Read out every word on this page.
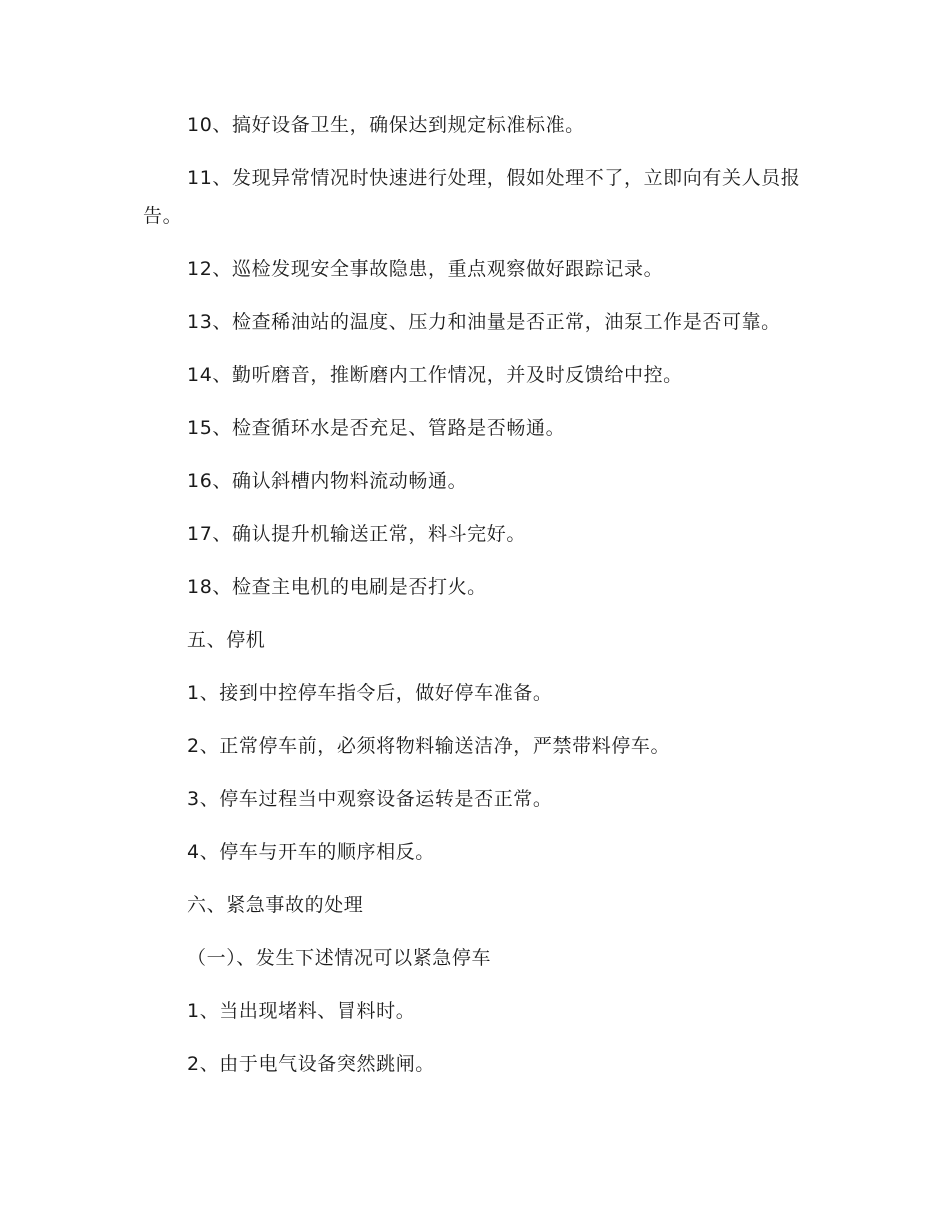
10、搞好设备卫生，确保达到规定标准标准。

11、发现异常情况时快速进行处理，假如处理不了，立即向有关人员报告。

12、巡检发现安全事故隐患，重点观察做好跟踪记录。

13、检查稀油站的温度、压力和油量是否正常，油泵工作是否可靠。

14、勤听磨音，推断磨内工作情况，并及时反馈给中控。

15、检查循环水是否充足、管路是否畅通。

16、确认斜槽内物料流动畅通。

17、确认提升机输送正常，料斗完好。

18、检查主电机的电刷是否打火。

五、停机

1、接到中控停车指令后，做好停车准备。

2、正常停车前，必须将物料输送洁净，严禁带料停车。

3、停车过程当中观察设备运转是否正常。

4、停车与开车的顺序相反。

六、紧急事故的处理

（一）、发生下述情况可以紧急停车

1、当出现堵料、冒料时。

2、由于电气设备突然跳闸。
